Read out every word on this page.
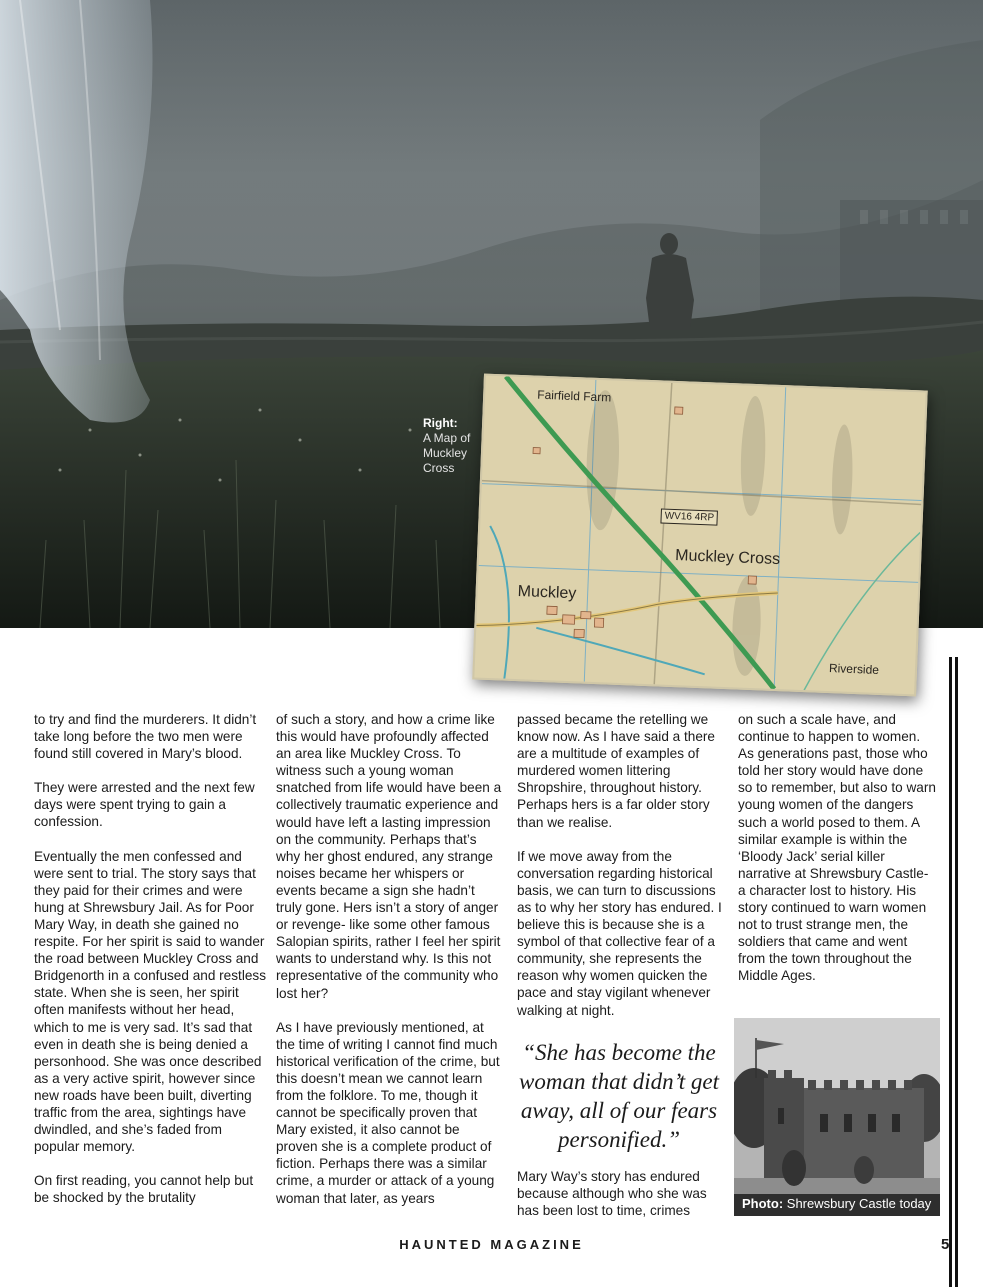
Right:
A Map of Muckley Cross
Fairfield Farm
WV16 4RP
Muckley Cross
Muckley
Riverside

to try and find the murderers. It didn’t take long before the two men were found still covered in Mary’s blood.

They were arrested and the next few days were spent trying to gain a confession.

Eventually the men confessed and were sent to trial. The story says that they paid for their crimes and were hung at Shrewsbury Jail. As for Poor Mary Way, in death she gained no respite. For her spirit is said to wander the road between Muckley Cross and Bridgenorth in a confused and restless state. When she is seen, her spirit often manifests without her head, which to me is very sad. It’s sad that even in death she is being denied a personhood. She was once described as a very active spirit, however since new roads have been built, diverting traffic from the area, sightings have dwindled, and she’s faded from popular memory.

On first reading, you cannot help but be shocked by the brutality

of such a story, and how a crime like this would have profoundly affected an area like Muckley Cross. To witness such a young woman snatched from life would have been a collectively traumatic experience and would have left a lasting impression on the community. Perhaps that’s why her ghost endured, any strange noises became her whispers or events became a sign she hadn’t truly gone. Hers isn’t a story of anger or revenge- like some other famous Salopian spirits, rather I feel her spirit wants to understand why. Is this not representative of the community who lost her?

As I have previously mentioned, at the time of writing I cannot find much historical verification of the crime, but this doesn’t mean we cannot learn from the folklore. To me, though it cannot be specifically proven that Mary existed, it also cannot be proven she is a complete product of fiction. Perhaps there was a similar crime, a murder or attack of a young woman that later, as years

passed became the retelling we know now. As I have said a there are a multitude of examples of murdered women littering Shropshire, throughout history. Perhaps hers is a far older story than we realise.

If we move away from the conversation regarding historical basis, we can turn to discussions as to why her story has endured. I believe this is because she is a symbol of that collective fear of a community, she represents the reason why women quicken the pace and stay vigilant whenever walking at night.

“She has become the woman that didn’t get away, all of our fears personified.”
Mary Way’s story has endured because although who she was has been lost to time, crimes

on such a scale have, and continue to happen to women. As generations past, those who told her story would have done so to remember, but also to warn young women of the dangers such a world posed to them. A similar example is within the ‘Bloody Jack’ serial killer narrative at Shrewsbury Castle- a character lost to history. His story continued to warn women not to trust strange men, the soldiers that came and went from the town throughout the Middle Ages.

Photo: Shrewsbury Castle today
HAUNTED MAGAZINE	5
